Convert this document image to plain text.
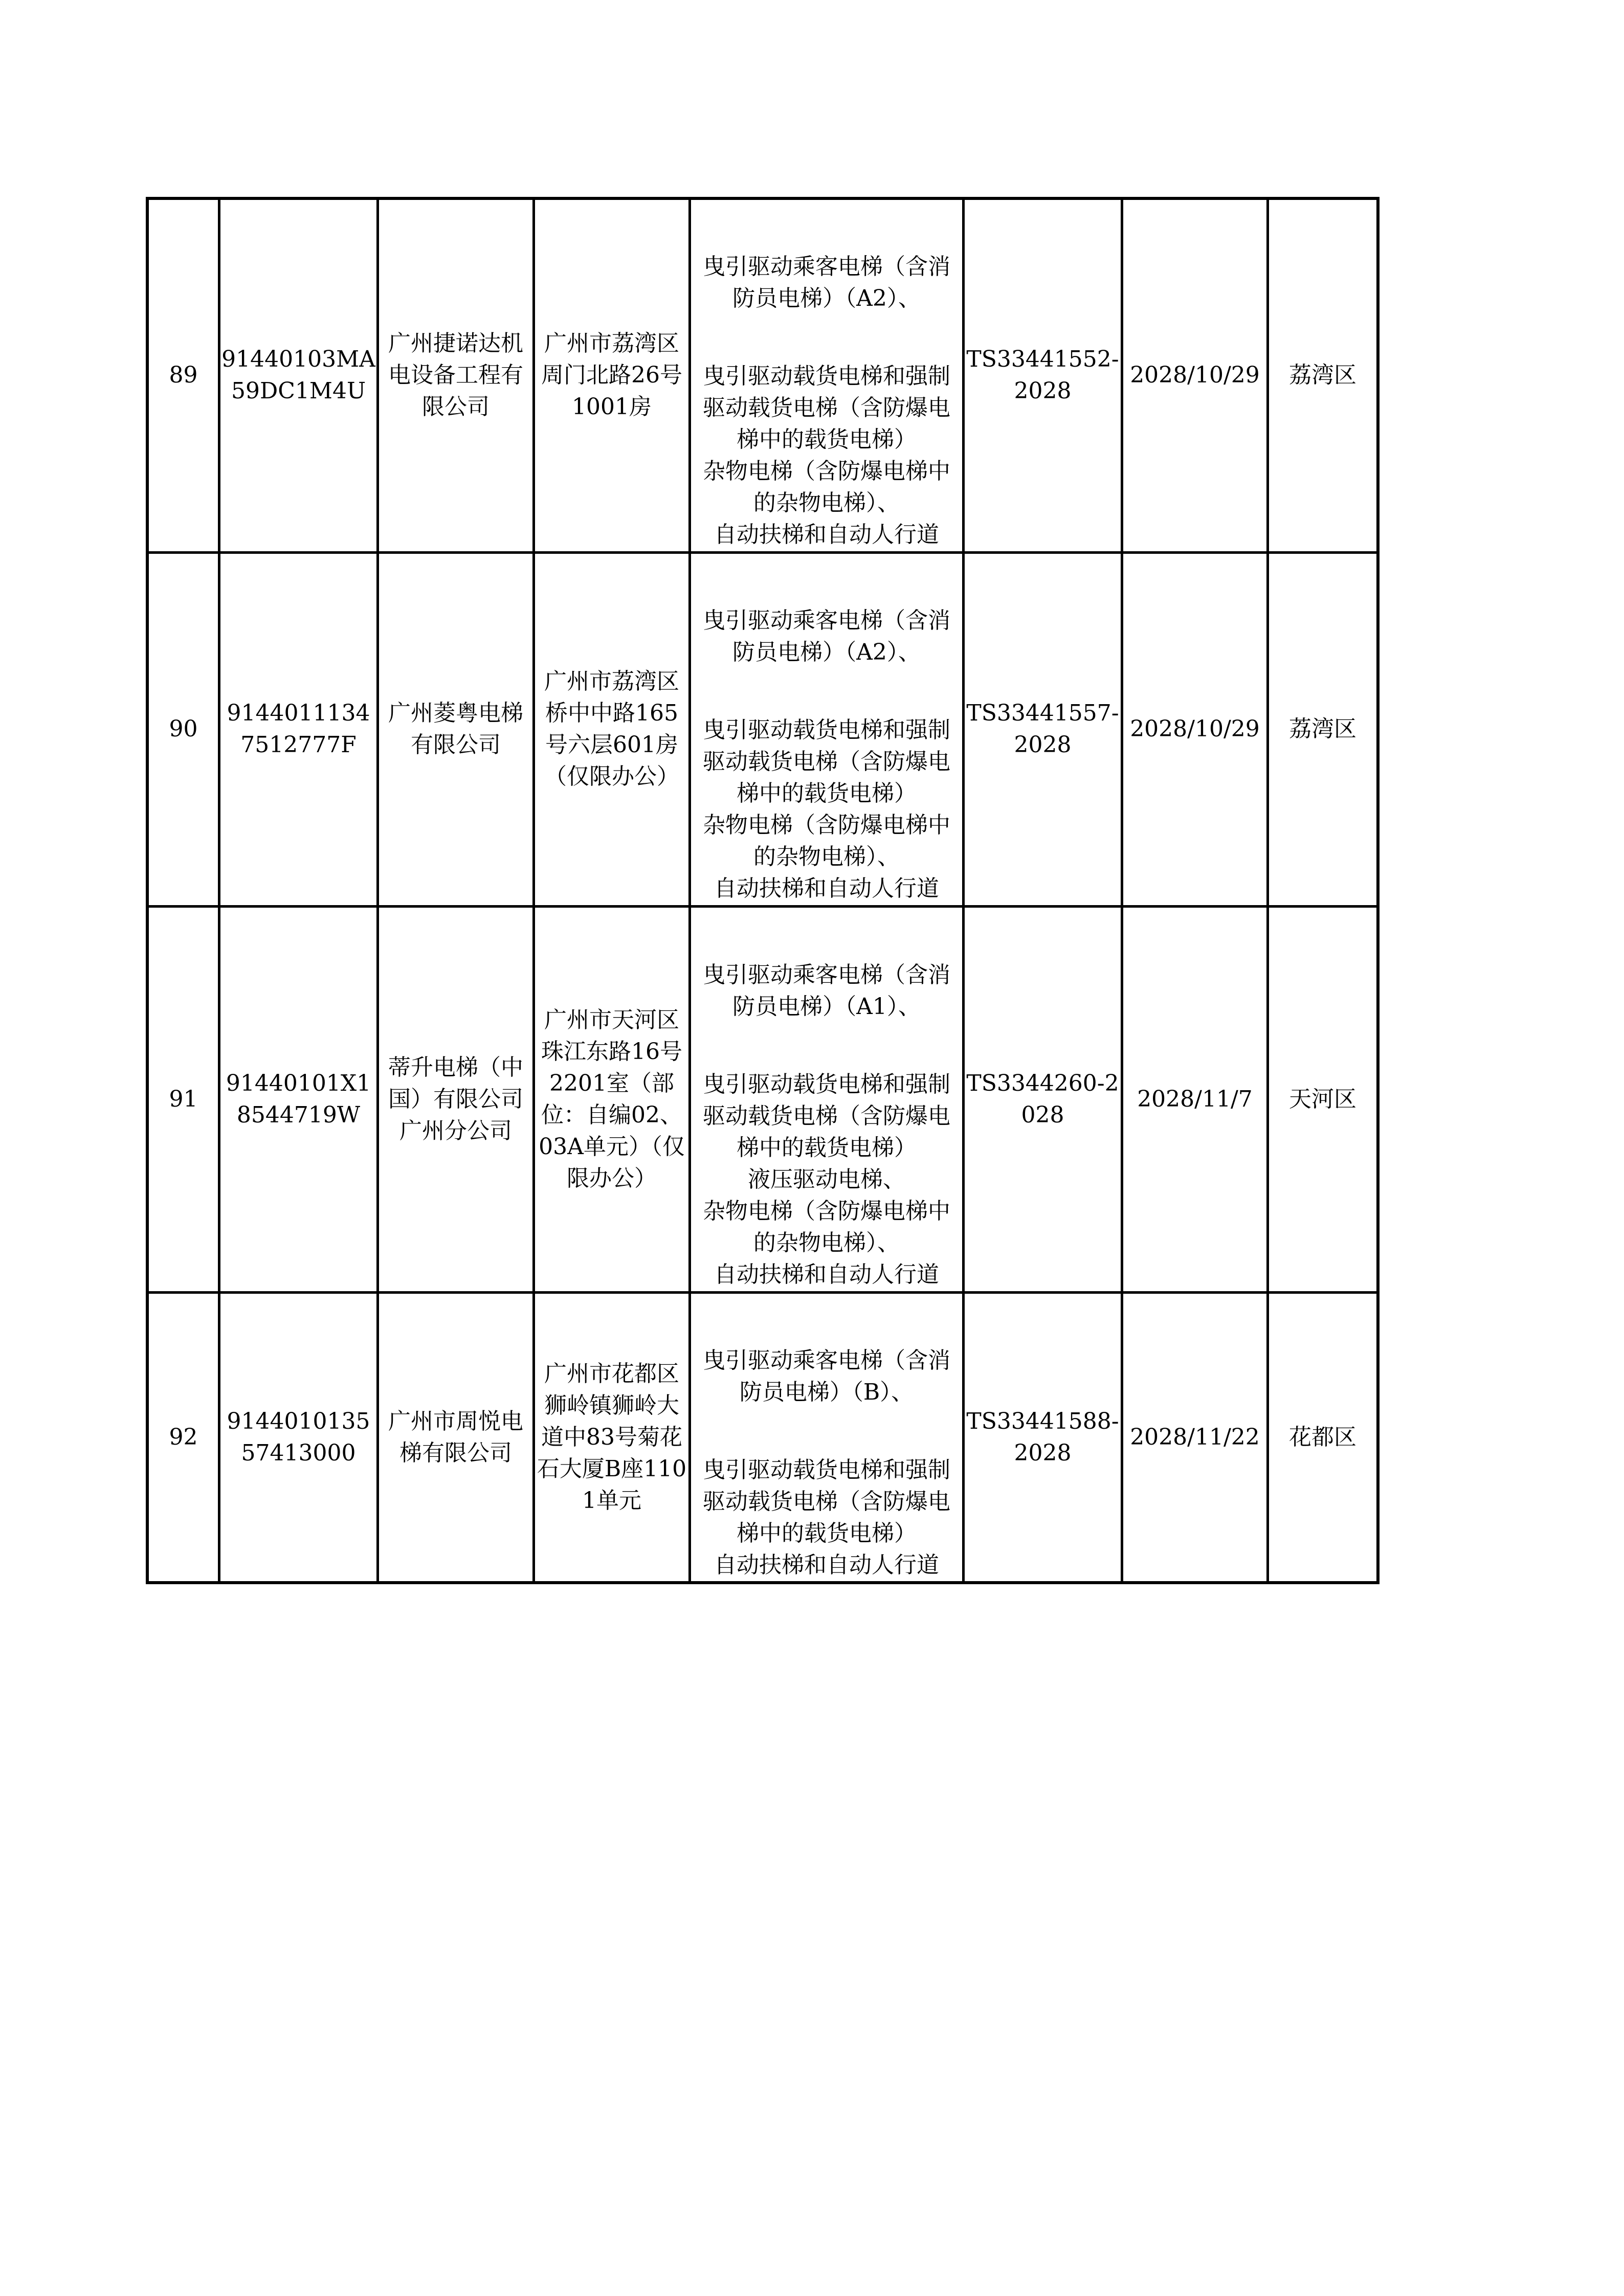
89	91440103MA59DC1M4U	广州捷诺达机电设备工程有限公司	广州市荔湾区周门北路26号1001房	曳引驱动乘客电梯（含消防员电梯）（A2）、
曳引驱动载货电梯和强制驱动载货电梯（含防爆电梯中的载货电梯）
杂物电梯（含防爆电梯中的杂物电梯）、
自动扶梯和自动人行道	TS33441552-2028	2028/10/29	荔湾区
90	91440111347512777F	广州菱粤电梯有限公司	广州市荔湾区桥中中路165号六层601房（仅限办公）	曳引驱动乘客电梯（含消防员电梯）（A2）、
曳引驱动载货电梯和强制驱动载货电梯（含防爆电梯中的载货电梯）
杂物电梯（含防爆电梯中的杂物电梯）、
自动扶梯和自动人行道	TS33441557-2028	2028/10/29	荔湾区
91	91440101X18544719W	蒂升电梯（中国）有限公司广州分公司	广州市天河区珠江东路16号2201室（部位：自编02、03A单元）（仅限办公）	曳引驱动乘客电梯（含消防员电梯）（A1）、
曳引驱动载货电梯和强制驱动载货电梯（含防爆电梯中的载货电梯）
液压驱动电梯、
杂物电梯（含防爆电梯中的杂物电梯）、
自动扶梯和自动人行道	TS3344260-2028	2028/11/7	天河区
92	914401013557413000	广州市周悦电梯有限公司	广州市花都区狮岭镇狮岭大道中83号菊花石大厦B座1101单元	曳引驱动乘客电梯（含消防员电梯）（B）、
曳引驱动载货电梯和强制驱动载货电梯（含防爆电梯中的载货电梯）
自动扶梯和自动人行道	TS33441588-2028	2028/11/22	花都区
